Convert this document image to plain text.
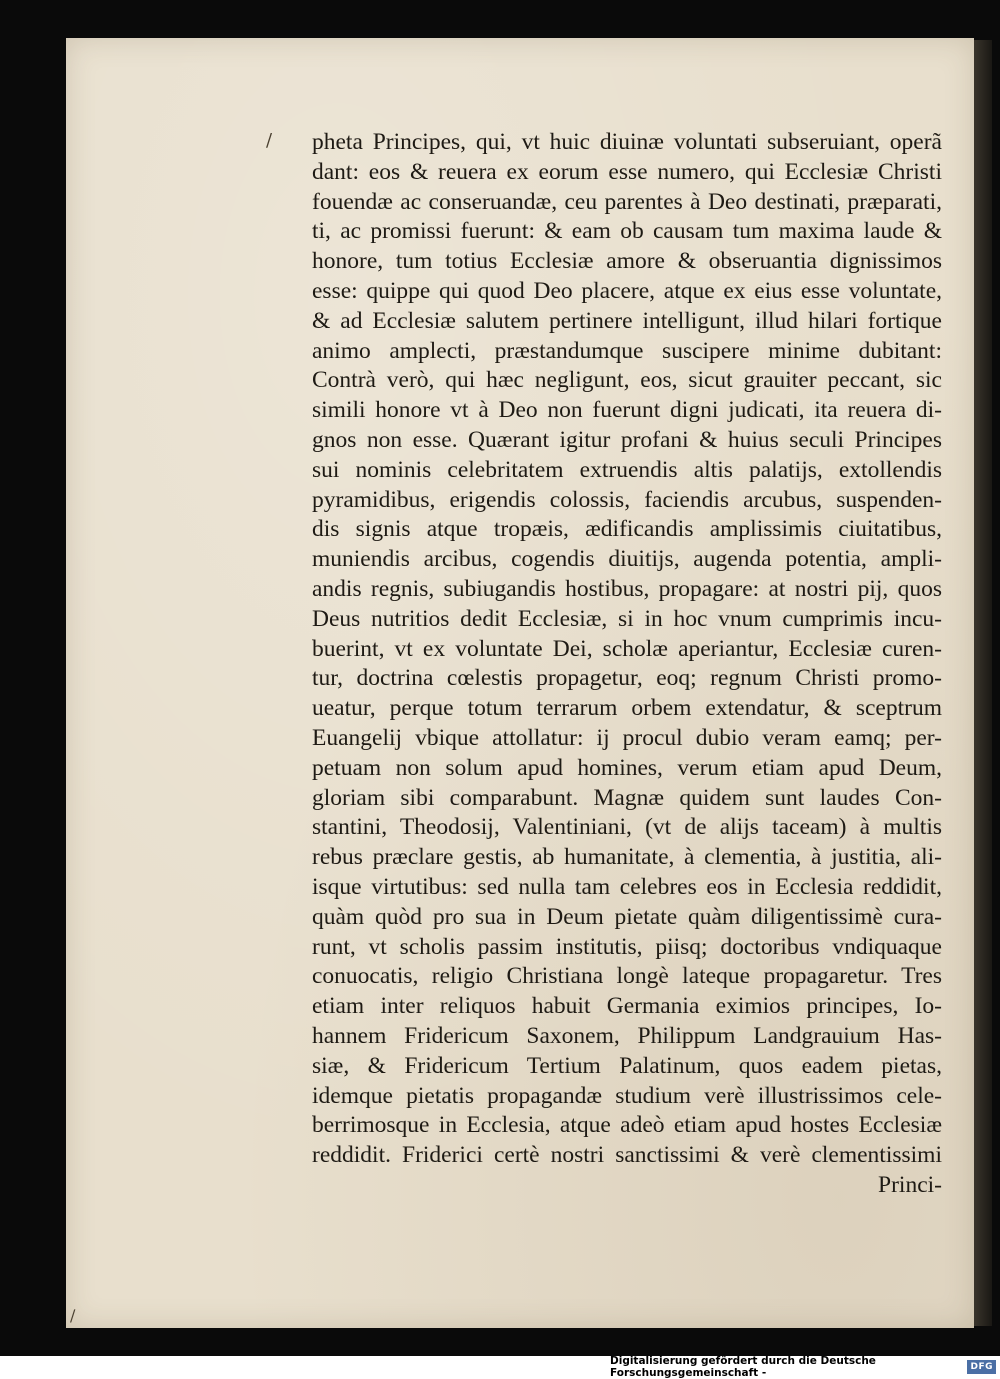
/
∕
pheta Principes, qui, vt huic diuinæ voluntati subseruiant, operã
dant: eos & reuera ex eorum esse numero, qui Ecclesiæ Christi
fouendæ ac conseruandæ, ceu parentes à Deo destinati, præparati,
ti, ac promissi fuerunt: & eam ob causam tum maxima laude &
honore, tum totius Ecclesiæ amore & obseruantia dignissimos
esse: quippe qui quod Deo placere, atque ex eius esse voluntate,
& ad Ecclesiæ salutem pertinere intelligunt, illud hilari fortique
animo amplecti, præstandumque suscipere minime dubitant:
Contrà verò, qui hæc negligunt, eos, sicut grauiter peccant, sic
simili honore vt à Deo non fuerunt digni judicati, ita reuera di-
gnos non esse. Quærant igitur profani & huius seculi Principes
sui nominis celebritatem extruendis altis palatijs, extollendis
pyramidibus, erigendis colossis, faciendis arcubus, suspenden-
dis signis atque tropæis, ædificandis amplissimis ciuitatibus,
muniendis arcibus, cogendis diuitijs, augenda potentia, ampli-
andis regnis, subiugandis hostibus, propagare: at nostri pij, quos
Deus nutritios dedit Ecclesiæ, si in hoc vnum cumprimis incu-
buerint, vt ex voluntate Dei, scholæ aperiantur, Ecclesiæ curen-
tur, doctrina cœlestis propagetur, eoq; regnum Christi promo-
ueatur, perque totum terrarum orbem extendatur, & sceptrum
Euangelij vbique attollatur: ij procul dubio veram eamq; per-
petuam non solum apud homines, verum etiam apud Deum,
gloriam sibi comparabunt. Magnæ quidem sunt laudes Con-
stantini, Theodosij, Valentiniani, (vt de alijs taceam) à multis
rebus præclare gestis, ab humanitate, à clementia, à justitia, ali-
isque virtutibus: sed nulla tam celebres eos in Ecclesia reddidit,
quàm quòd pro sua in Deum pietate quàm diligentissimè cura-
runt, vt scholis passim institutis, piisq; doctoribus vndiquaque
conuocatis, religio Christiana longè lateque propagaretur. Tres
etiam inter reliquos habuit Germania eximios principes, Io-
hannem Fridericum Saxonem, Philippum Landgrauium Has-
siæ, & Fridericum Tertium Palatinum, quos eadem pietas,
idemque pietatis propagandæ studium verè illustrissimos cele-
berrimosque in Ecclesia, atque adeò etiam apud hostes Ecclesiæ
reddidit. Friderici certè nostri sanctissimi & verè clementissimi
Princi-
Digitalisierung gefördert durch die Deutsche Forschungsgemeinschaft -	DFG
